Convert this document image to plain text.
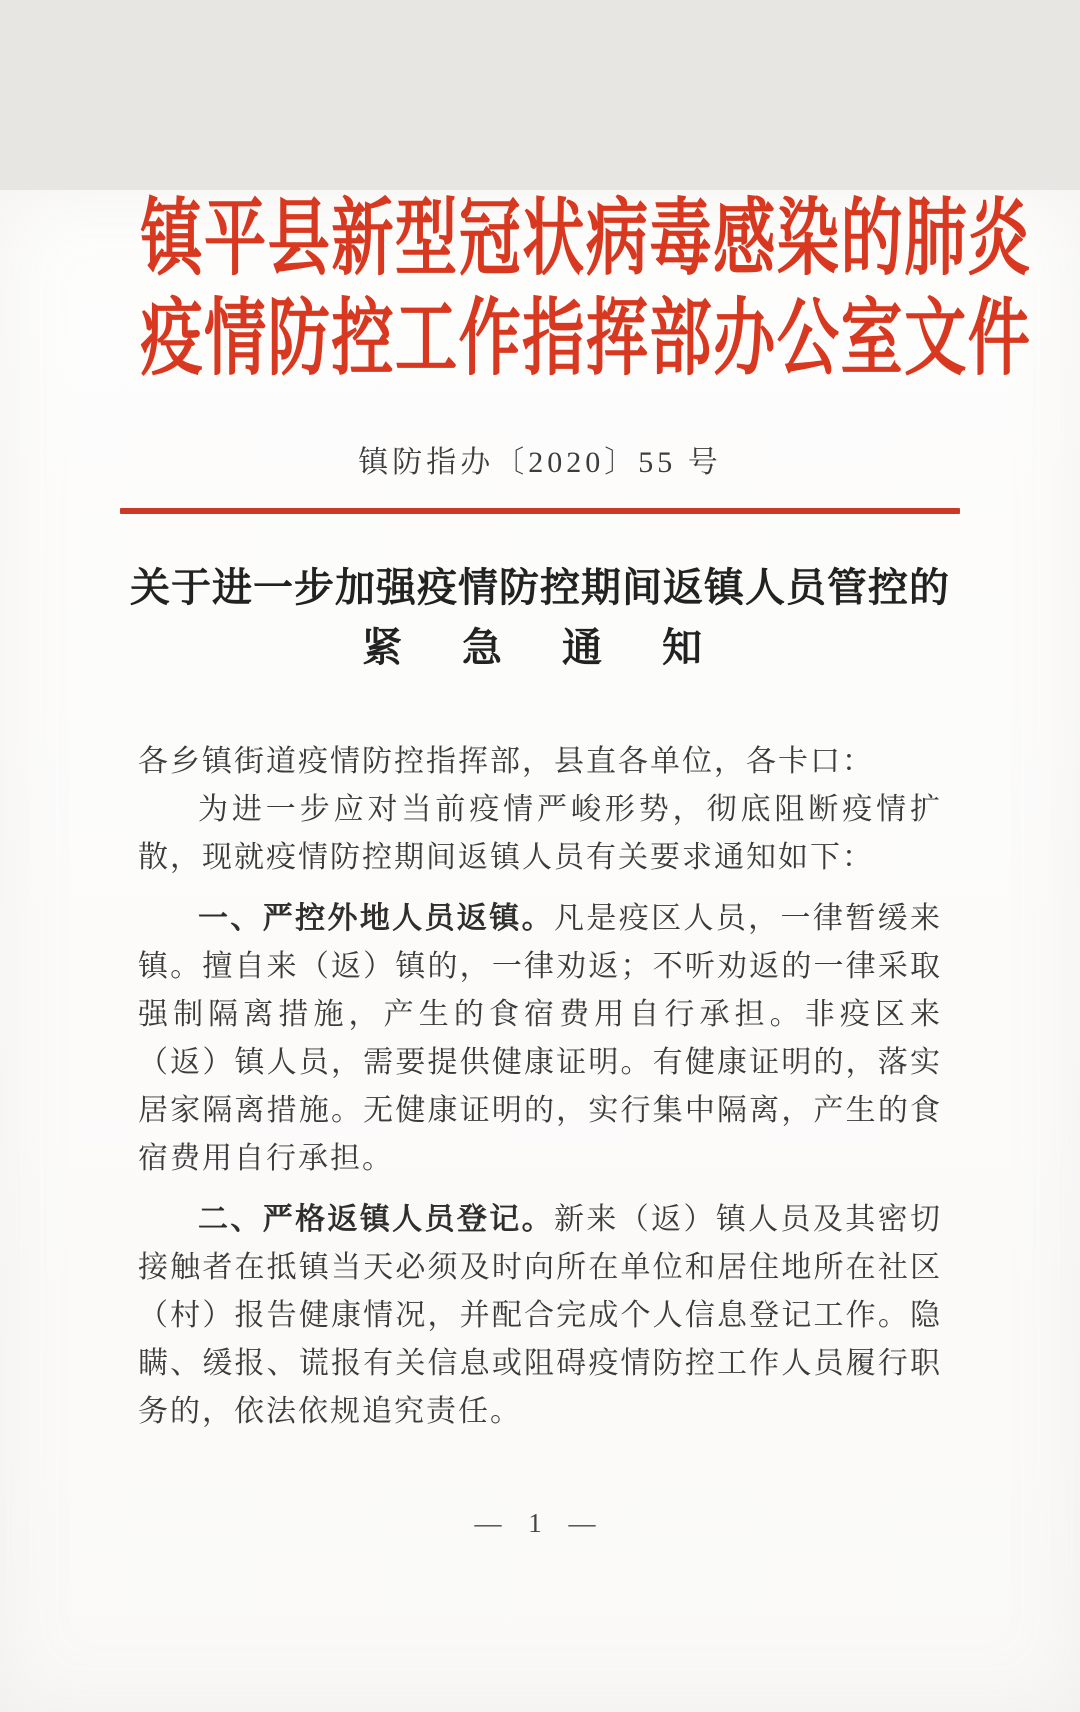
镇平县新型冠状病毒感染的肺炎
疫情防控工作指挥部办公室文件
镇防指办〔2020〕55 号
关于进一步加强疫情防控期间返镇人员管控的
紧 急 通 知

各乡镇街道疫情防控指挥部，县直各单位，各卡口：

为进一步应对当前疫情严峻形势，彻底阻断疫情扩散，现就疫情防控期间返镇人员有关要求通知如下：

一、严控外地人员返镇。凡是疫区人员，一律暂缓来镇。擅自来（返）镇的，一律劝返；不听劝返的一律采取强制隔离措施，产生的食宿费用自行承担。非疫区来（返）镇人员，需要提供健康证明。有健康证明的，落实居家隔离措施。无健康证明的，实行集中隔离，产生的食宿费用自行承担。

二、严格返镇人员登记。新来（返）镇人员及其密切接触者在抵镇当天必须及时向所在单位和居住地所在社区（村）报告健康情况，并配合完成个人信息登记工作。隐瞒、缓报、谎报有关信息或阻碍疫情防控工作人员履行职务的，依法依规追究责任。

— 1 —
